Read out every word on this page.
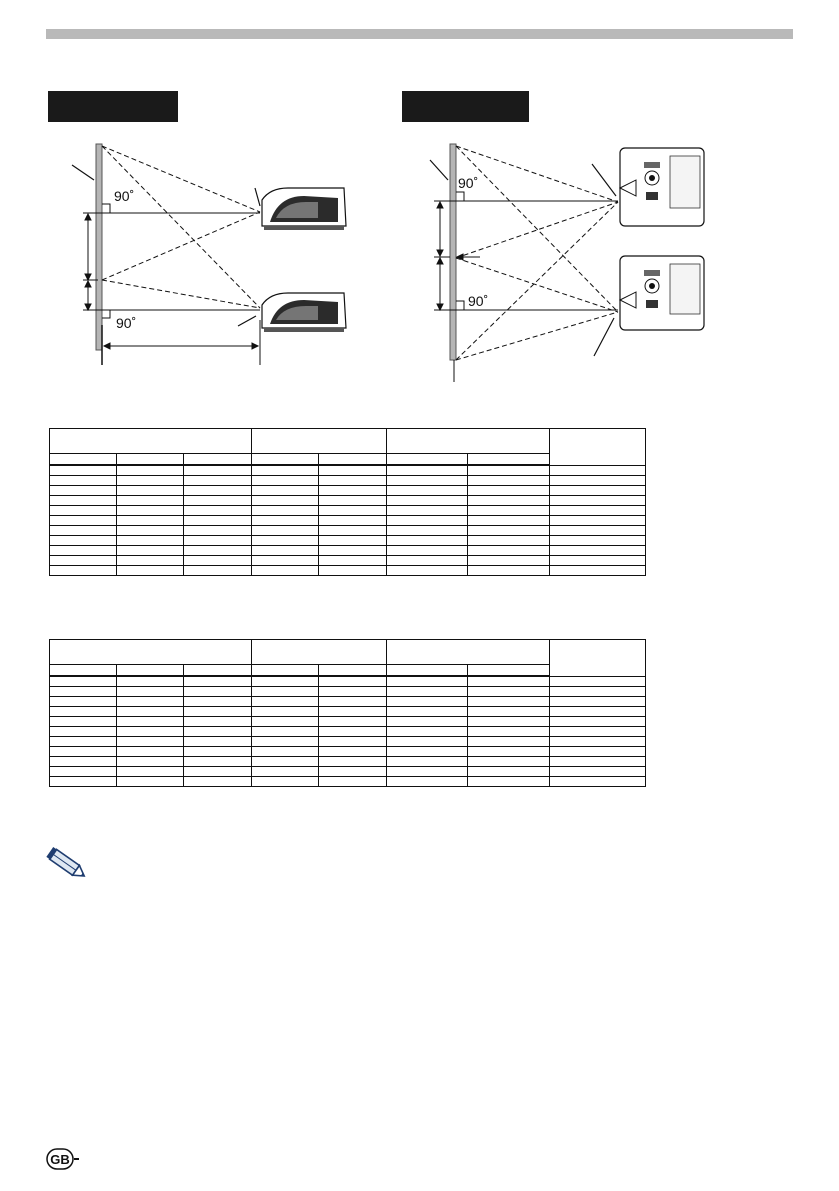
90˚
90˚
90˚
90˚

GB
